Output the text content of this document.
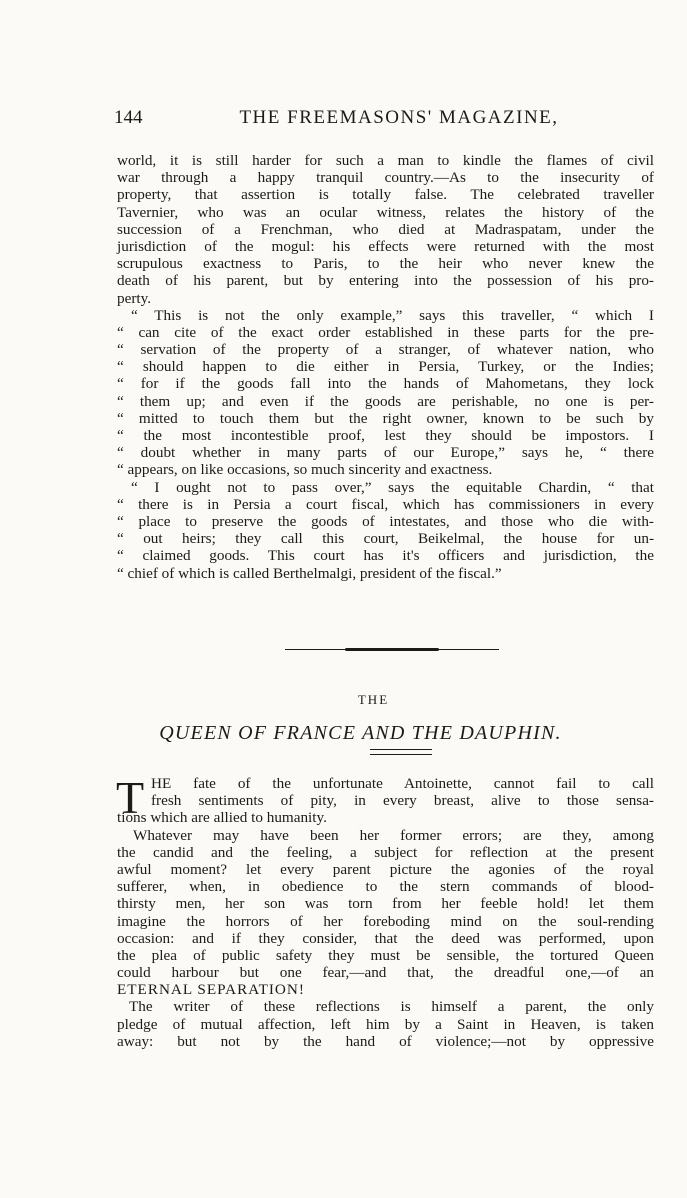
144	THE FREEMASONS' MAGAZINE,
world, it is still harder for such a man to kindle the flames of civil
war through a happy tranquil country.—As to the insecurity of
property, that assertion is totally false. The celebrated traveller
Tavernier, who was an ocular witness, relates the history of the
succession of a Frenchman, who died at Madraspatam, under the
jurisdiction of the mogul: his effects were returned with the most
scrupulous exactness to Paris, to the heir who never knew the
death of his parent, but by entering into the possession of his pro-
perty.
“ This is not the only example,” says this traveller, “ which I
“ can cite of the exact order established in these parts for the pre-
“ servation of the property of a stranger, of whatever nation, who
“ should happen to die either in Persia, Turkey, or the Indies;
“ for if the goods fall into the hands of Mahometans, they lock
“ them up; and even if the goods are perishable, no one is per-
“ mitted to touch them but the right owner, known to be such by
“ the most incontestible proof, lest they should be impostors. I
“ doubt whether in many parts of our Europe,” says he, “ there
“ appears, on like occasions, so much sincerity and exactness.
“ I ought not to pass over,” says the equitable Chardin, “ that
“ there is in Persia a court fiscal, which has commissioners in every
“ place to preserve the goods of intestates, and those who die with-
“ out heirs; they call this court, Beikelmal, the house for un-
“ claimed goods. This court has it's officers and jurisdiction, the
“ chief of which is called Berthelmalgi, president of the fiscal.”
THE
QUEEN OF FRANCE AND THE DAUPHIN.
T HE fate of the unfortunate Antoinette, cannot fail to call
fresh sentiments of pity, in every breast, alive to those sensa-
tions which are allied to humanity.
Whatever may have been her former errors; are they, among
the candid and the feeling, a subject for reflection at the present
awful moment? let every parent picture the agonies of the royal
sufferer, when, in obedience to the stern commands of blood-
thirsty men, her son was torn from her feeble hold! let them
imagine the horrors of her foreboding mind on the soul-rending
occasion: and if they consider, that the deed was performed, upon
the plea of public safety they must be sensible, the tortured Queen
could harbour but one fear,—and that, the dreadful one,—of an
ETERNAL SEPARATION!
The writer of these reflections is himself a parent, the only
pledge of mutual affection, left him by a Saint in Heaven, is taken
away: but not by the hand of violence;—not by oppressive
